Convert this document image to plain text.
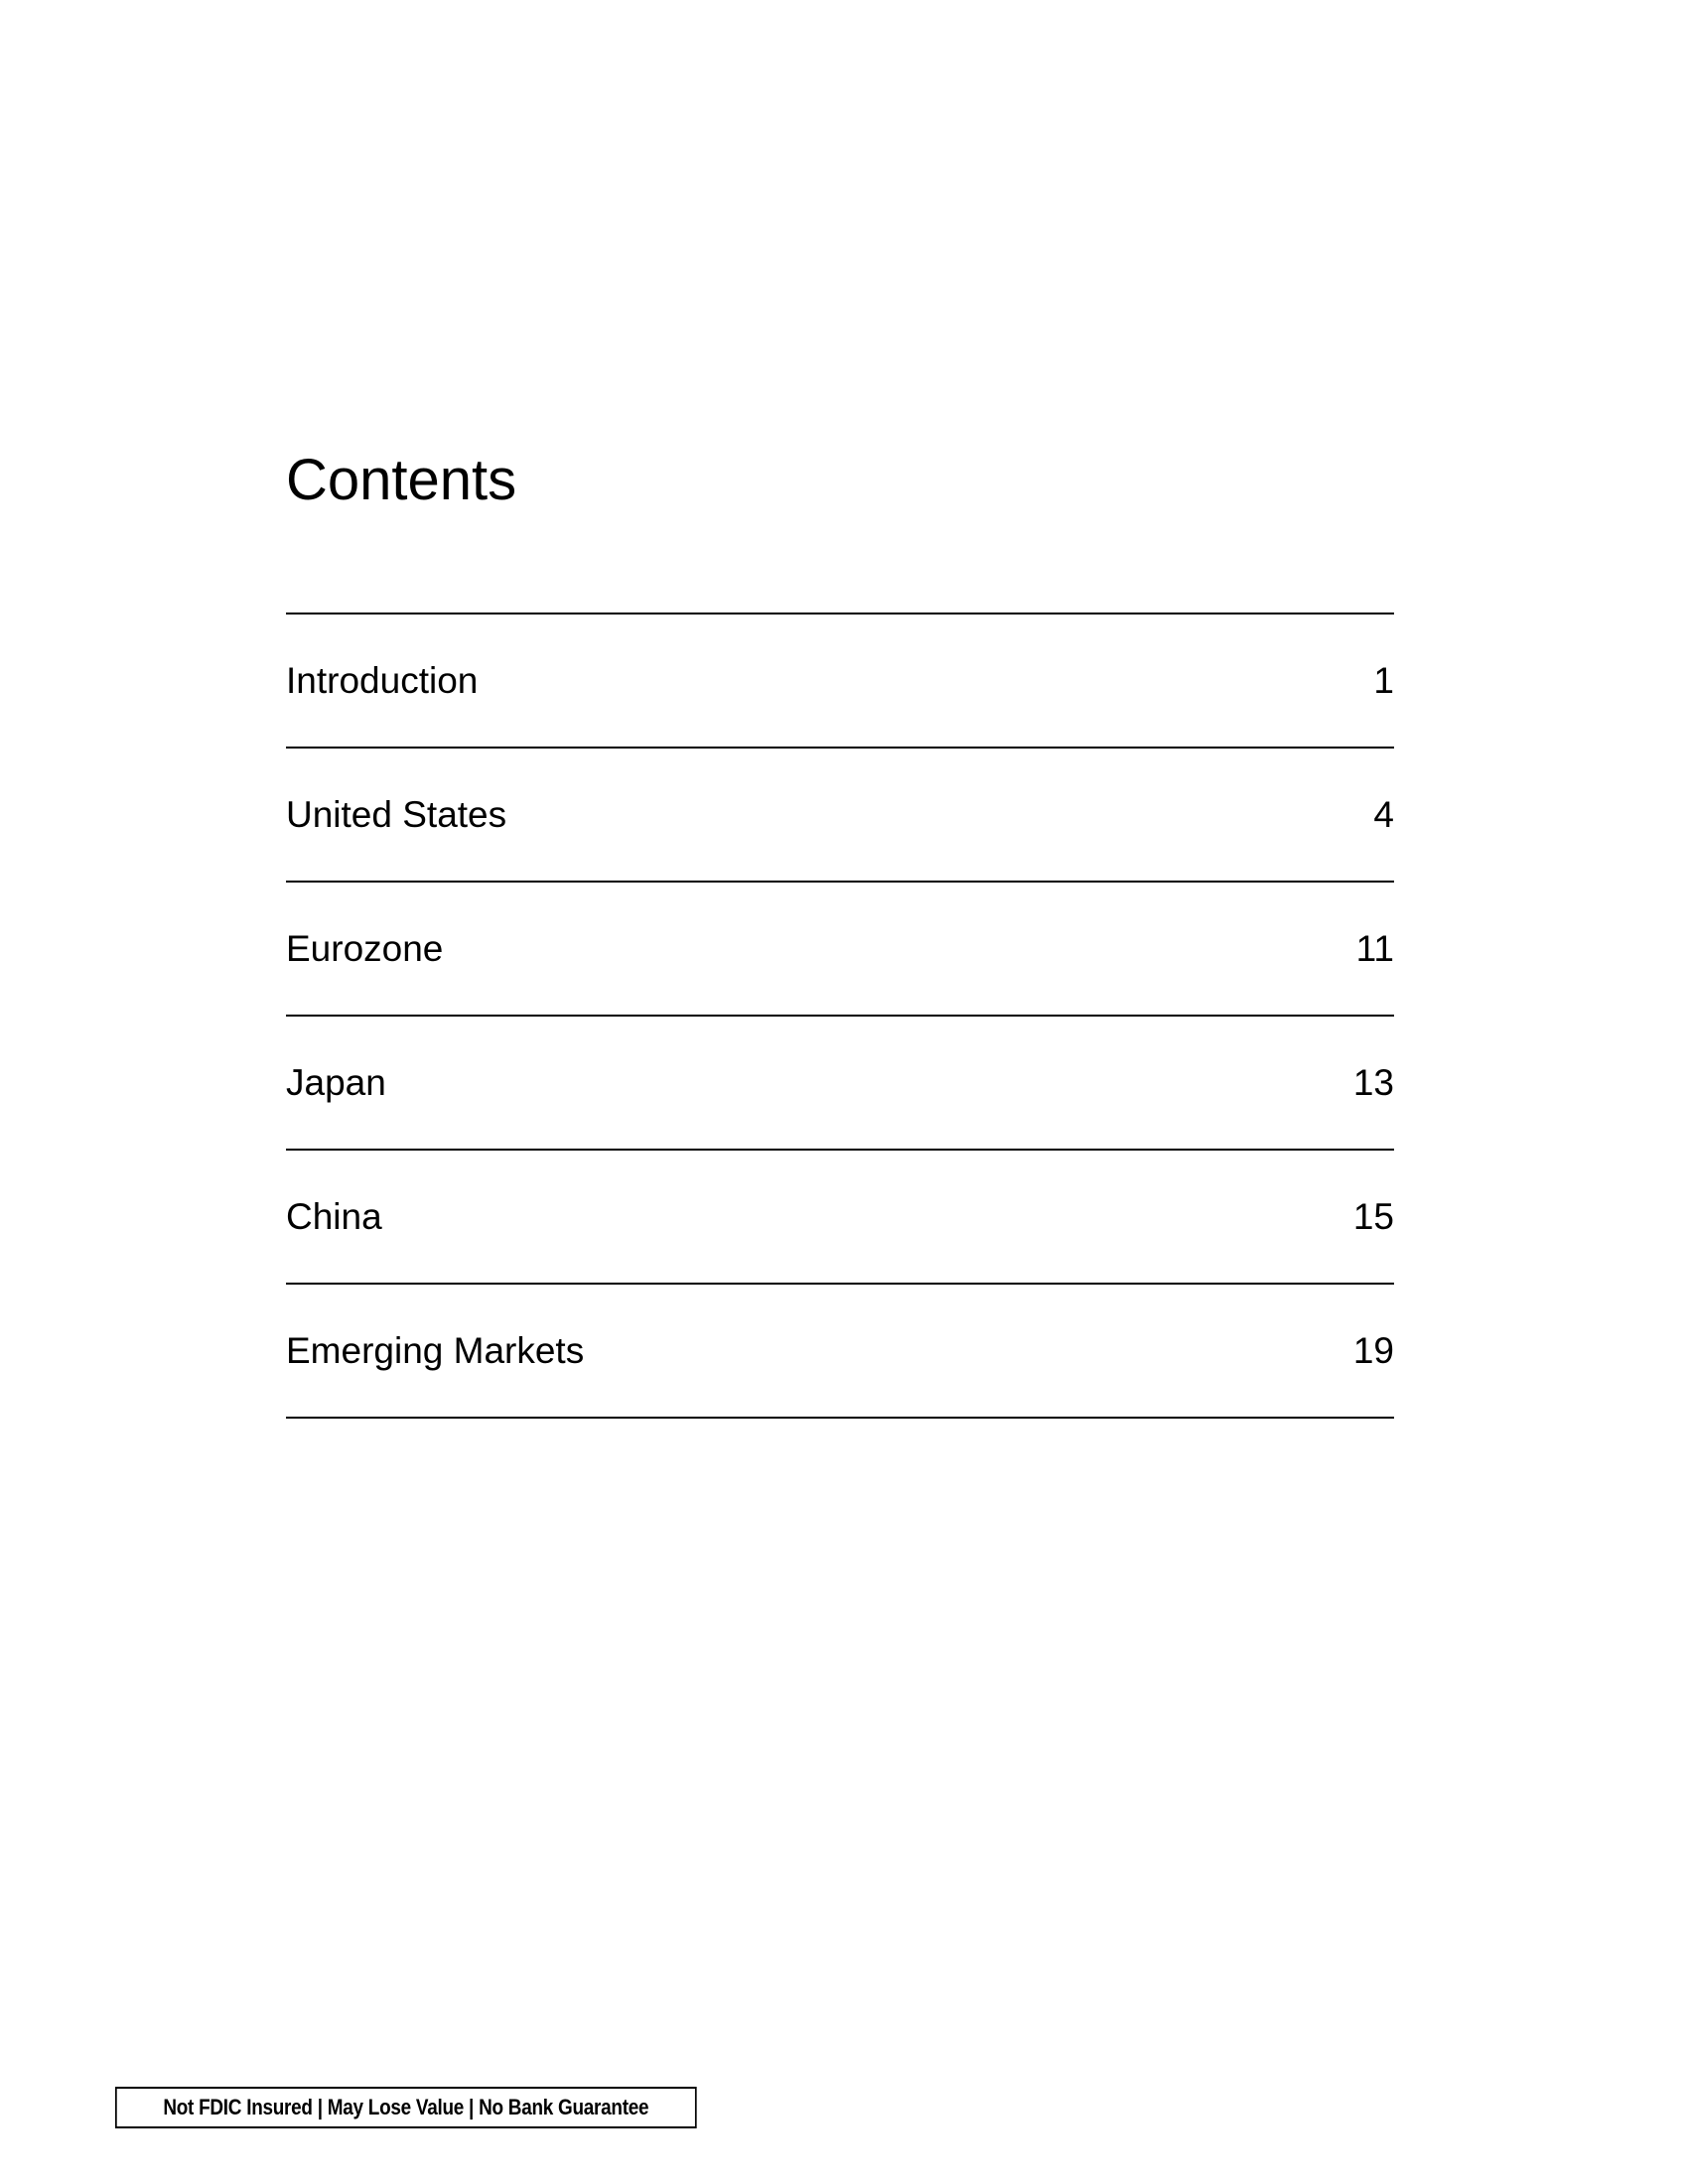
Contents
Introduction	1
United States	4
Eurozone	11
Japan	13
China	15
Emerging Markets	19
Not FDIC Insured | May Lose Value | No Bank Guarantee
